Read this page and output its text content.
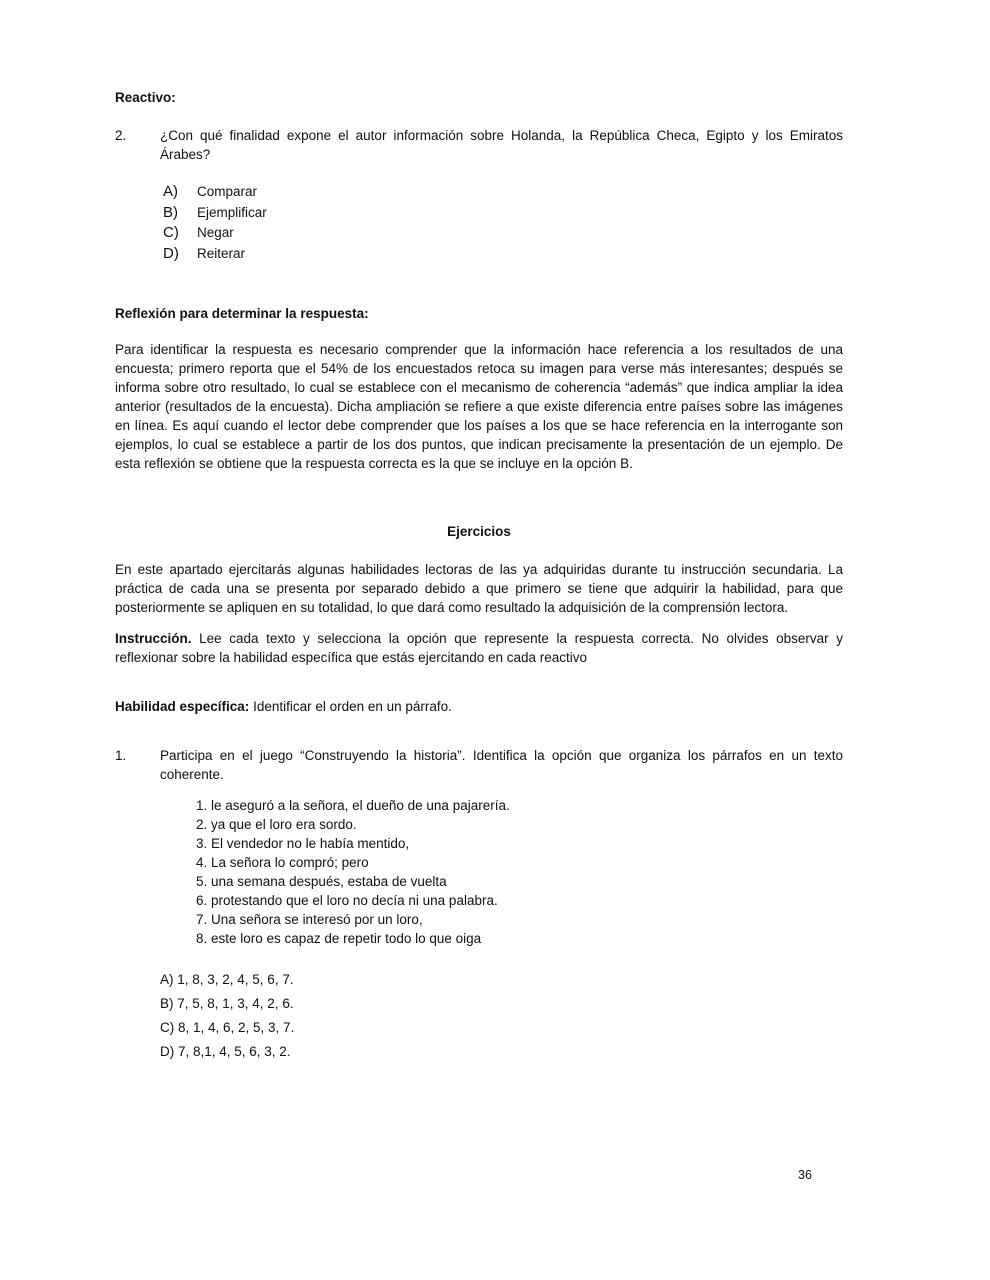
Reactivo:
2.	¿Con qué finalidad expone el autor información sobre Holanda, la República Checa, Egipto y los Emiratos Árabes?
A) Comparar
B) Ejemplificar
C) Negar
D) Reiterar
Reflexión para determinar la respuesta:

Para identificar la respuesta es necesario comprender que la información hace referencia a los resultados de una encuesta; primero reporta que el 54% de los encuestados retoca su imagen para verse más interesantes; después se informa sobre otro resultado, lo cual se establece con el mecanismo de coherencia “además” que indica ampliar la idea anterior (resultados de la encuesta). Dicha ampliación se refiere a que existe diferencia entre países sobre las imágenes en línea. Es aquí cuando el lector debe comprender que los países a los que se hace referencia en la interrogante son ejemplos, lo cual se establece a partir de los dos puntos, que indican precisamente la presentación de un ejemplo. De esta reflexión se obtiene que la respuesta correcta es la que se incluye en la opción B.

Ejercicios

En este apartado ejercitarás algunas habilidades lectoras de las ya adquiridas durante tu instrucción secundaria. La práctica de cada una se presenta por separado debido a que primero se tiene que adquirir la habilidad, para que posteriormente se apliquen en su totalidad, lo que dará como resultado la adquisición de la comprensión lectora.

Instrucción. Lee cada texto y selecciona la opción que represente la respuesta correcta. No olvides observar y reflexionar sobre la habilidad específica que estás ejercitando en cada reactivo

Habilidad específica: Identificar el orden en un párrafo.

1.	Participa en el juego “Construyendo la historia”. Identifica la opción que organiza los párrafos en un texto coherente.
1. le aseguró a la señora, el dueño de una pajarería.
2. ya que el loro era sordo.
3. El vendedor no le había mentido,
4. La señora lo compró; pero
5. una semana después, estaba de vuelta
6. protestando que el loro no decía ni una palabra.
7. Una señora se interesó por un loro,
8. este loro es capaz de repetir todo lo que oiga
A) 1, 8, 3, 2, 4, 5, 6, 7.
B) 7, 5, 8, 1, 3, 4, 2, 6.
C) 8, 1, 4, 6, 2, 5, 3, 7.
D) 7, 8,1, 4, 5, 6, 3, 2.
36
